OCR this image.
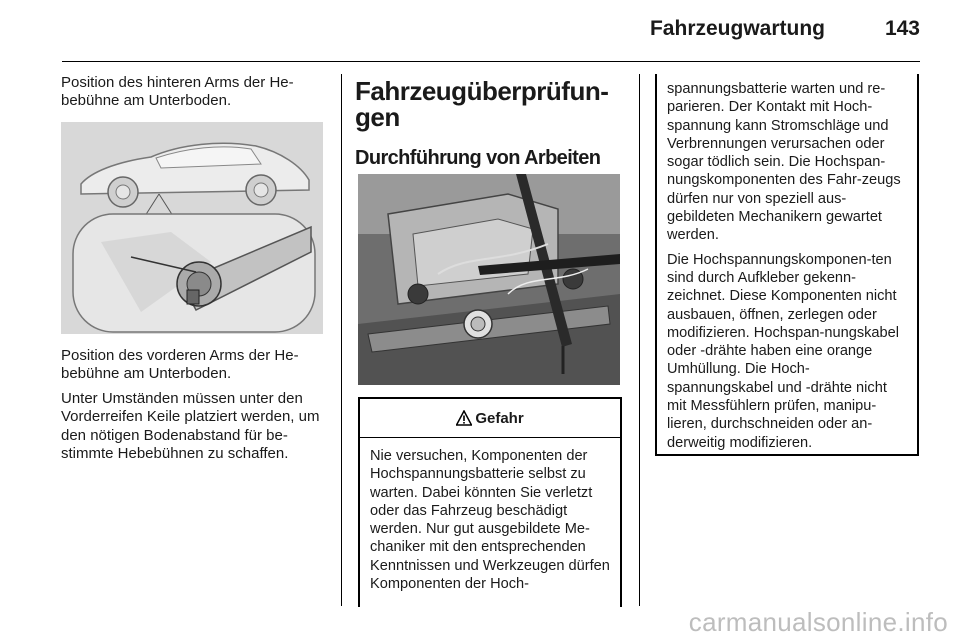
Fahrzeugwartung	143

Position des hinteren Arms der He-bebühne am Unterboden.

Position des vorderen Arms der He-bebühne am Unterboden.

Unter Umständen müssen unter den Vorderreifen Keile platziert werden, um den nötigen Bodenabstand für be-stimmte Hebebühnen zu schaffen.

Fahrzeugüberprüfun-gen
Durchführung von Arbeiten
Gefahr

Nie versuchen, Komponenten der Hochspannungsbatterie selbst zu warten. Dabei könnten Sie verletzt oder das Fahrzeug beschädigt werden. Nur gut ausgebildete Me-chaniker mit den entsprechenden Kenntnissen und Werkzeugen dürfen Komponenten der Hoch-

spannungsbatterie warten und re-parieren. Der Kontakt mit Hoch-spannung kann Stromschläge und Verbrennungen verursachen oder sogar tödlich sein. Die Hochspan-nungskomponenten des Fahr-zeugs dürfen nur von speziell aus-gebildeten Mechanikern gewartet werden.

Die Hochspannungskomponen-ten sind durch Aufkleber gekenn-zeichnet. Diese Komponenten nicht ausbauen, öffnen, zerlegen oder modifizieren. Hochspan-nungskabel oder -drähte haben eine orange Umhüllung. Die Hoch-spannungskabel und -drähte nicht mit Messfühlern prüfen, manipu-lieren, durchschneiden oder an-derweitig modifizieren.

carmanualsonline.info
